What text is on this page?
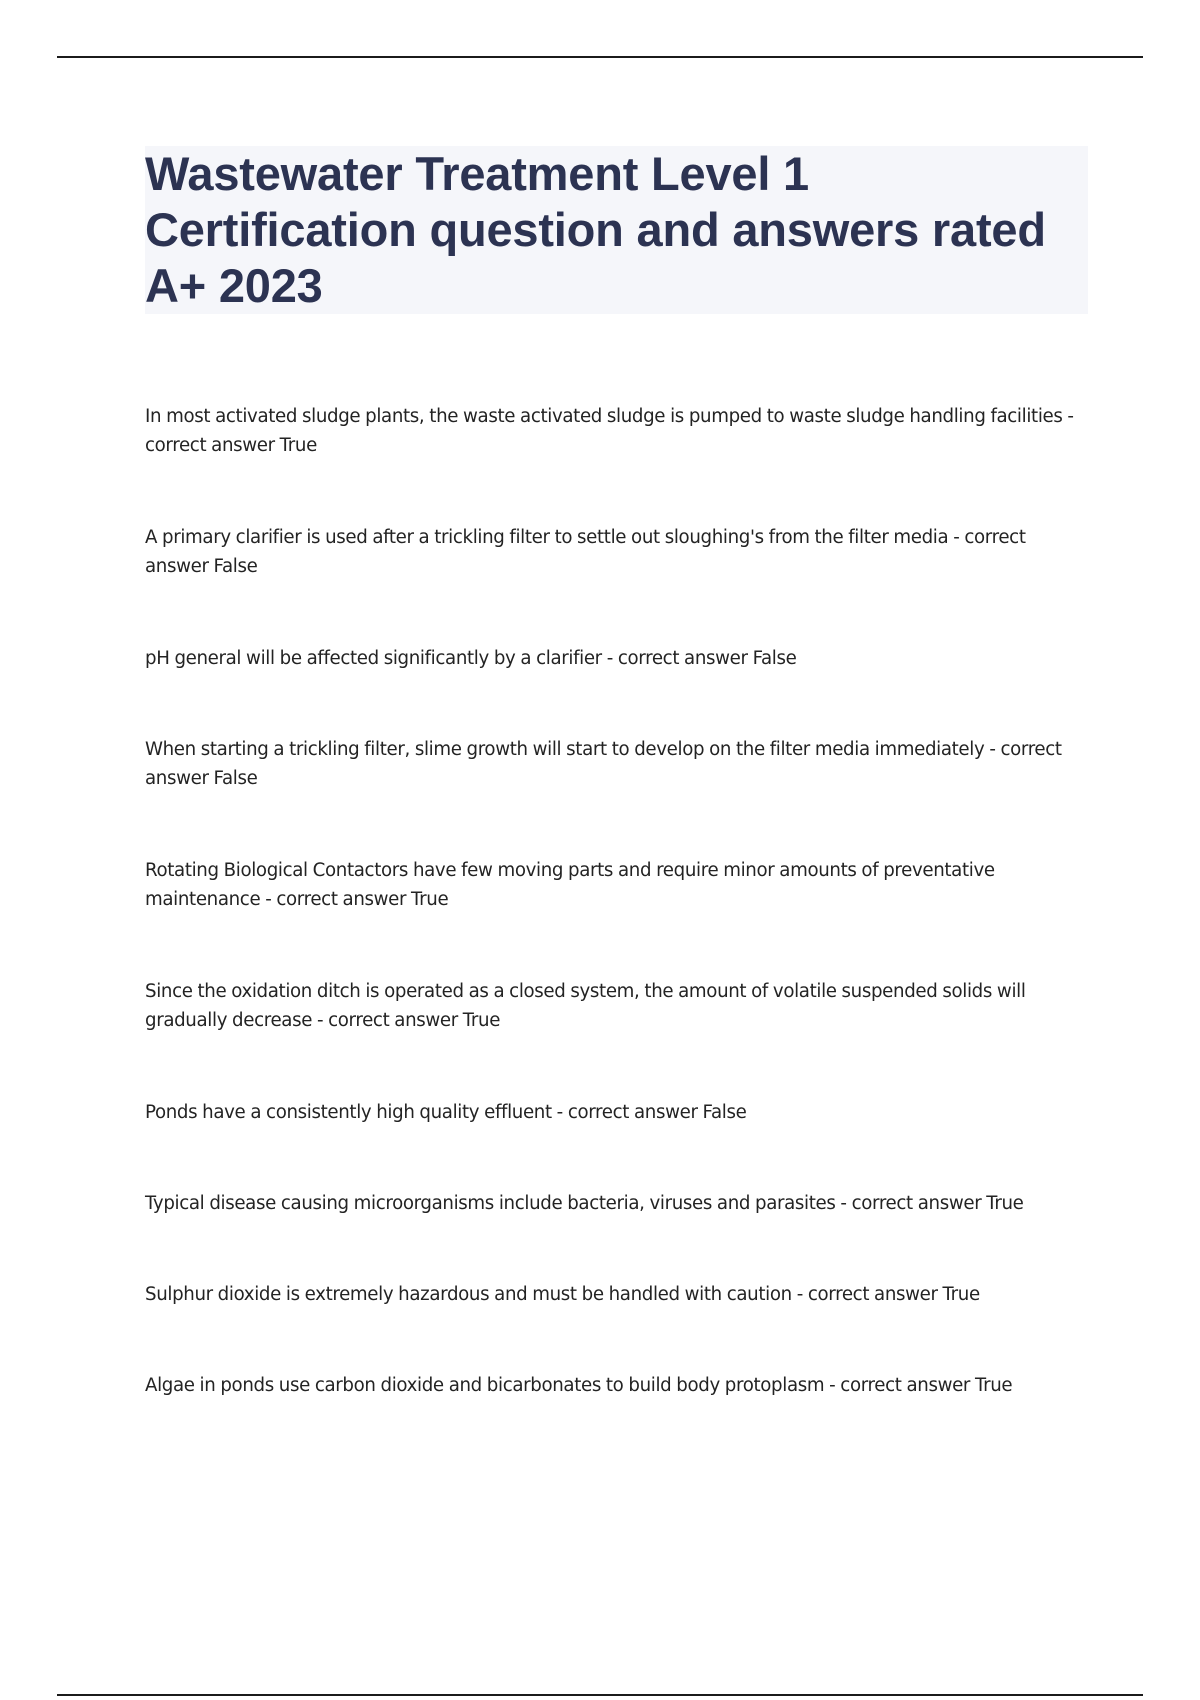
Wastewater Treatment Level 1 Certification question and answers rated A+ 2023
In most activated sludge plants, the waste activated sludge is pumped to waste sludge handling facilities - correct answer True
A primary clarifier is used after a trickling filter to settle out sloughing's from the filter media - correct answer False
pH general will be affected significantly by a clarifier - correct answer False
When starting a trickling filter, slime growth will start to develop on the filter media immediately - correct answer False
Rotating Biological Contactors have few moving parts and require minor amounts of preventative maintenance - correct answer True
Since the oxidation ditch is operated as a closed system, the amount of volatile suspended solids will gradually decrease - correct answer True
Ponds have a consistently high quality effluent - correct answer False
Typical disease causing microorganisms include bacteria, viruses and parasites - correct answer True
Sulphur dioxide is extremely hazardous and must be handled with caution - correct answer True
Algae in ponds use carbon dioxide and bicarbonates to build body protoplasm - correct answer True
